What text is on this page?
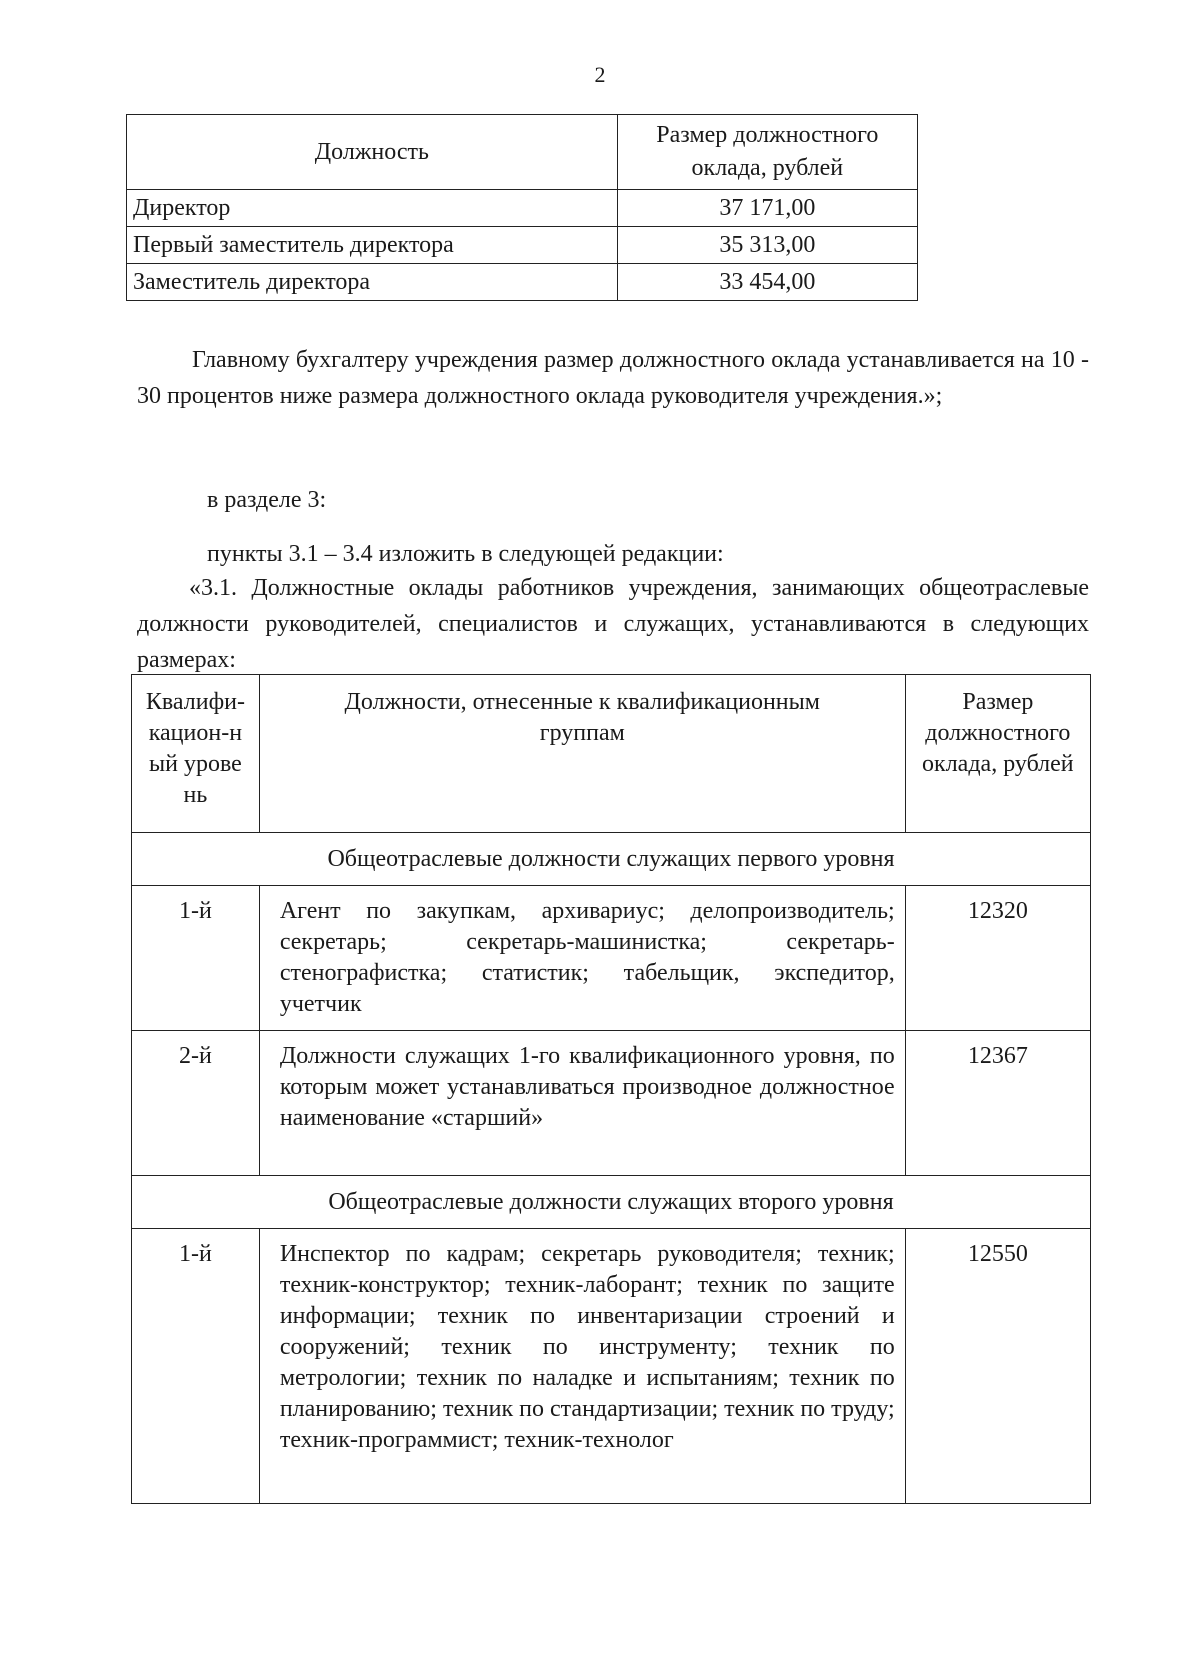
2
Должность	Размер должностного оклада, рублей
Директор	37 171,00
Первый заместитель директора	35 313,00
Заместитель директора	33 454,00
Главному бухгалтеру учреждения размер должностного оклада устанавливается на 10 - 30 процентов ниже размера должностного оклада руководителя учреждения.»;
в разделе 3:
пункты 3.1 – 3.4 изложить в следующей редакции:
«3.1. Должностные оклады работников учреждения, занимающих общеотраслевые должности руководителей, специалистов и служащих, устанавливаются в следующих размерах:
Квалифи-кацион-ный уровень	Должности, отнесенные к квалификационным группам	Размер должностного оклада, рублей
Общеотраслевые должности служащих первого уровня		
1-й	Агент по закупкам, архивариус; делопроизводитель; секретарь; секретарь-машинистка; секретарь-стенографистка; статистик; табельщик, экспедитор, учетчик	12320
2-й	Должности служащих 1-го квалификационного уровня, по которым может устанавливаться производное должностное наименование «старший»	12367
Общеотраслевые должности служащих второго уровня		
1-й	Инспектор по кадрам; секретарь руководителя; техник; техник-конструктор; техник-лаборант; техник по защите информации; техник по инвентаризации строений и сооружений; техник по инструменту; техник по метрологии; техник по наладке и испытаниям; техник по планированию; техник по стандартизации; техник по труду; техник-программист; техник-технолог	12550
